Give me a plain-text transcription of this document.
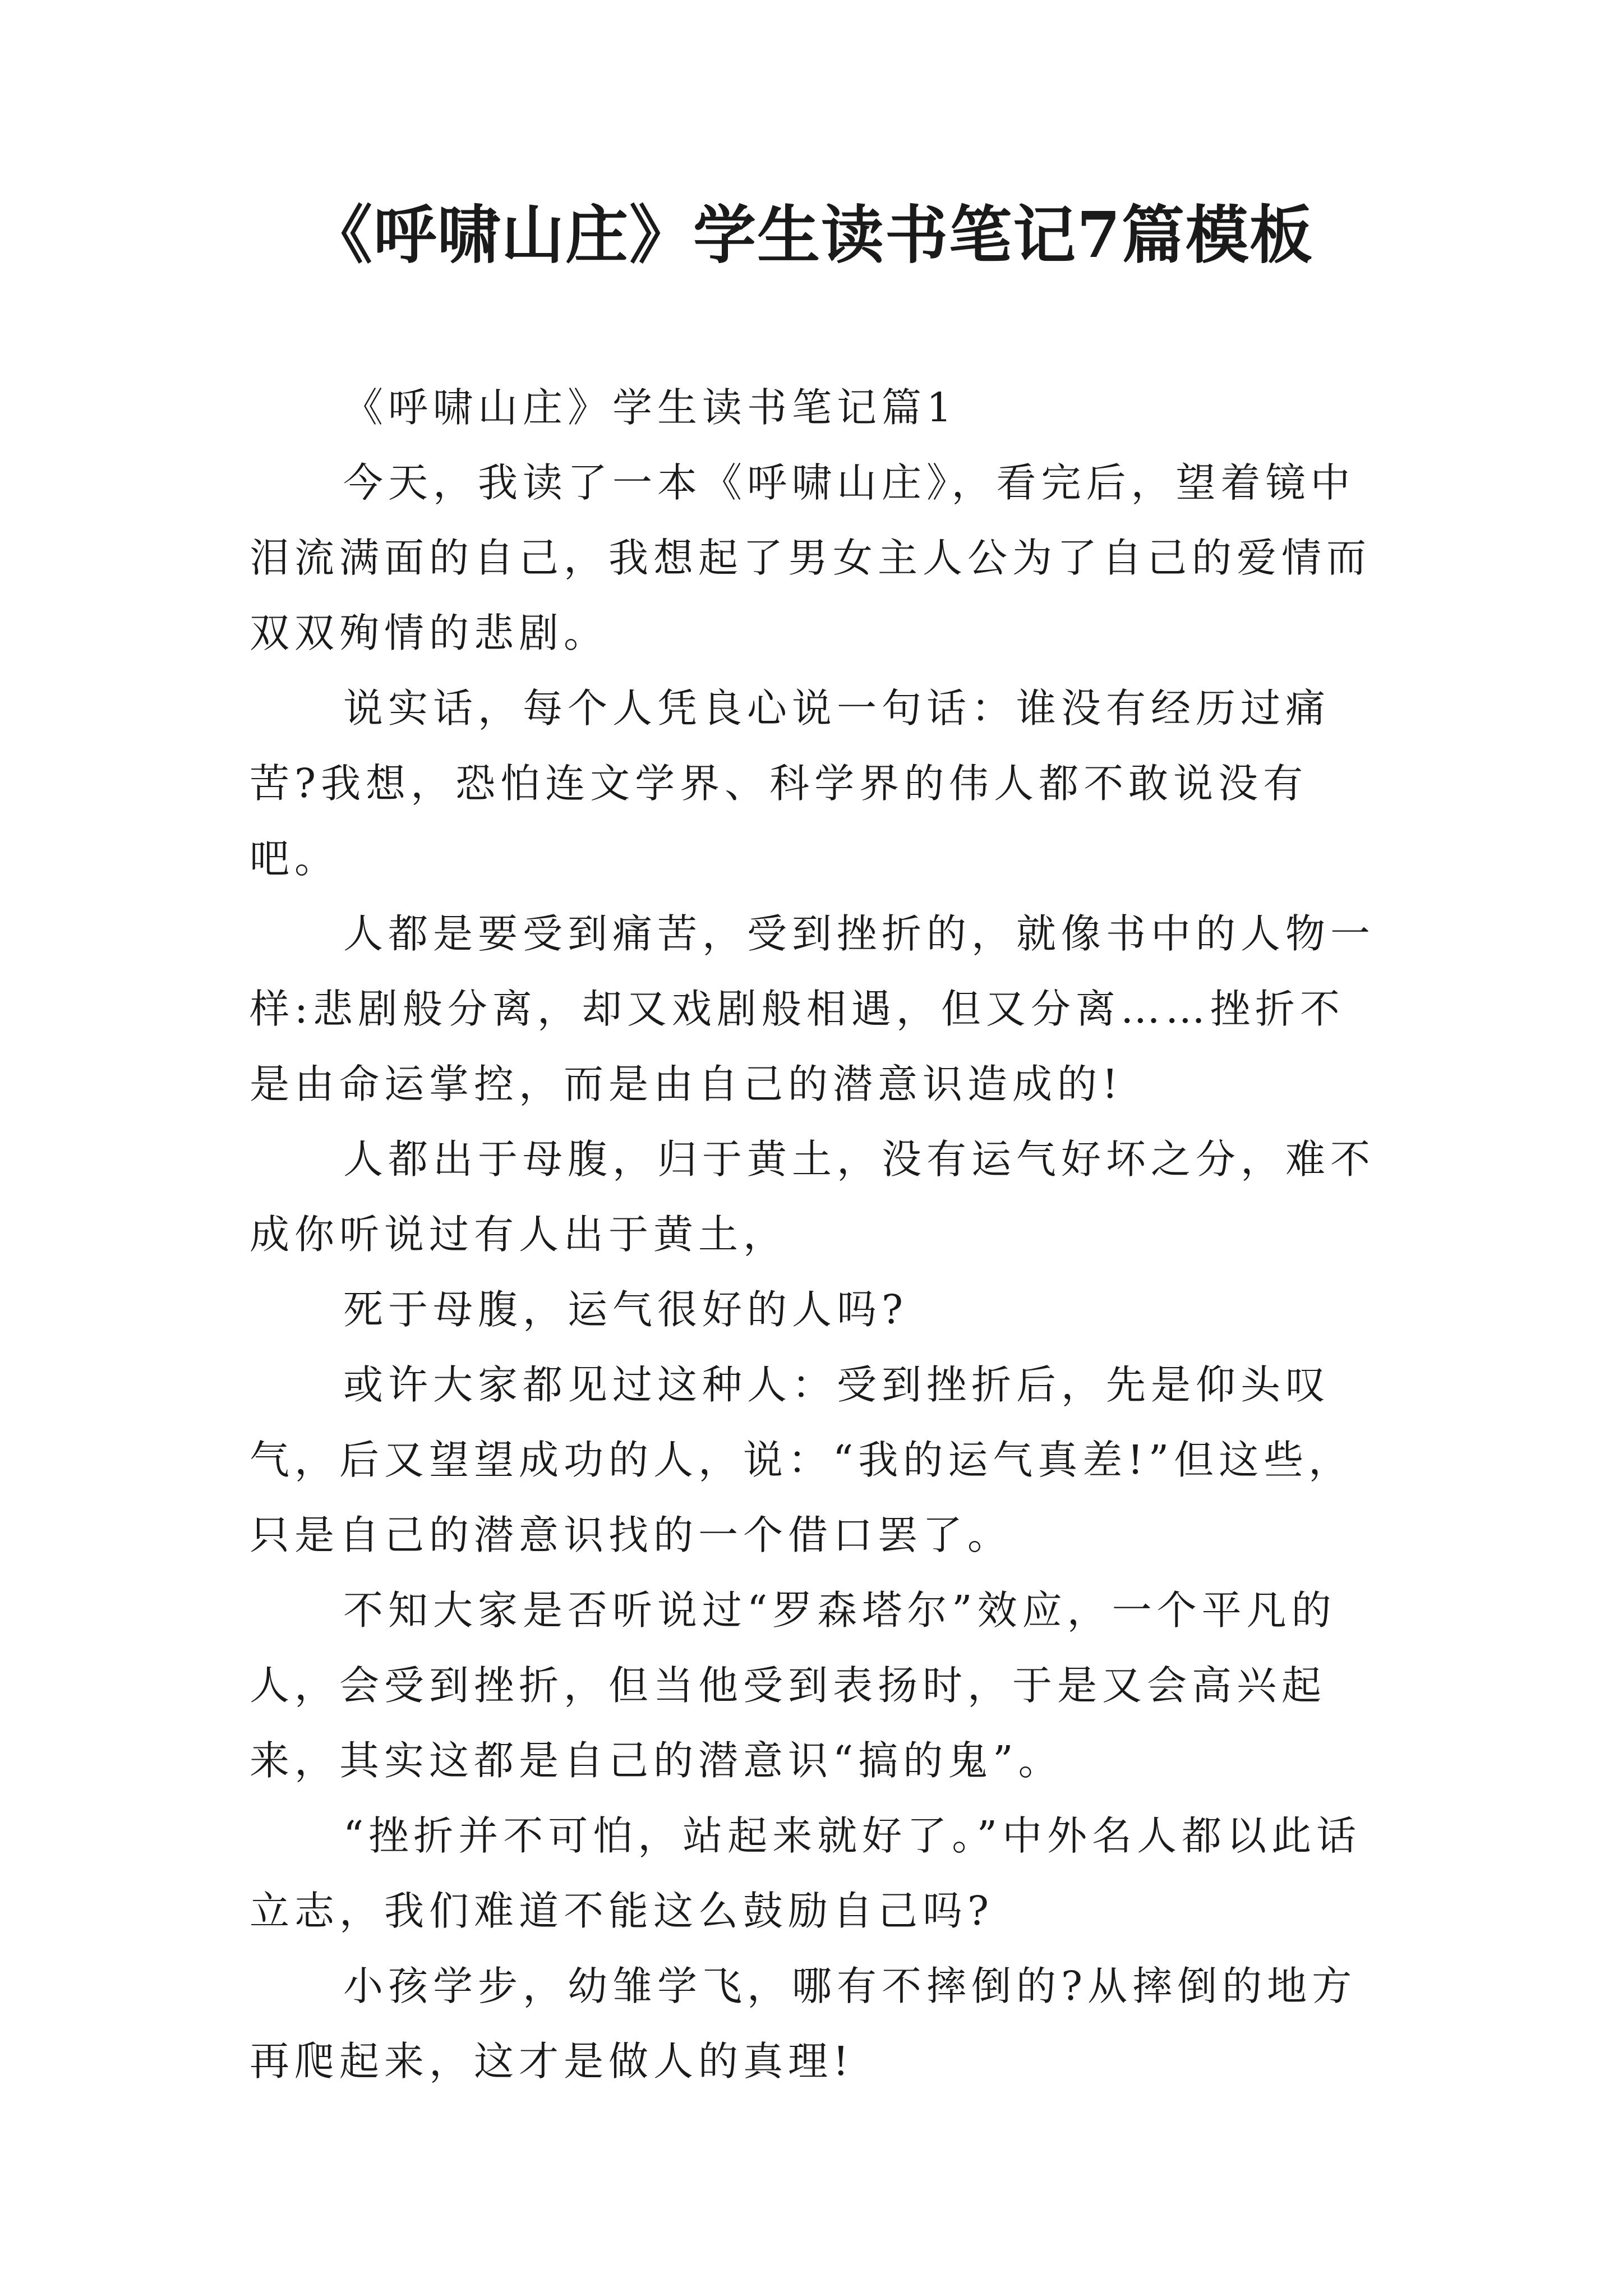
《呼啸山庄》学生读书笔记7篇模板

《呼啸山庄》学生读书笔记篇1

今天，我读了一本《呼啸山庄》，看完后，望着镜中泪流满面的自己，我想起了男女主人公为了自己的爱情而双双殉情的悲剧。

说实话，每个人凭良心说一句话：谁没有经历过痛苦?我想，恐怕连文学界、科学界的伟人都不敢说没有吧。

人都是要受到痛苦，受到挫折的，就像书中的人物一样:悲剧般分离，却又戏剧般相遇，但又分离……挫折不是由命运掌控，而是由自己的潜意识造成的!

人都出于母腹，归于黄土，没有运气好坏之分，难不成你听说过有人出于黄土，

死于母腹，运气很好的人吗?

或许大家都见过这种人：受到挫折后，先是仰头叹气，后又望望成功的人，说：“我的运气真差!”但这些，只是自己的潜意识找的一个借口罢了。

不知大家是否听说过“罗森塔尔”效应，一个平凡的人，会受到挫折，但当他受到表扬时，于是又会高兴起来，其实这都是自己的潜意识“搞的鬼”。

“挫折并不可怕，站起来就好了。”中外名人都以此话立志，我们难道不能这么鼓励自己吗?

小孩学步，幼雏学飞，哪有不摔倒的?从摔倒的地方再爬起来，这才是做人的真理!
